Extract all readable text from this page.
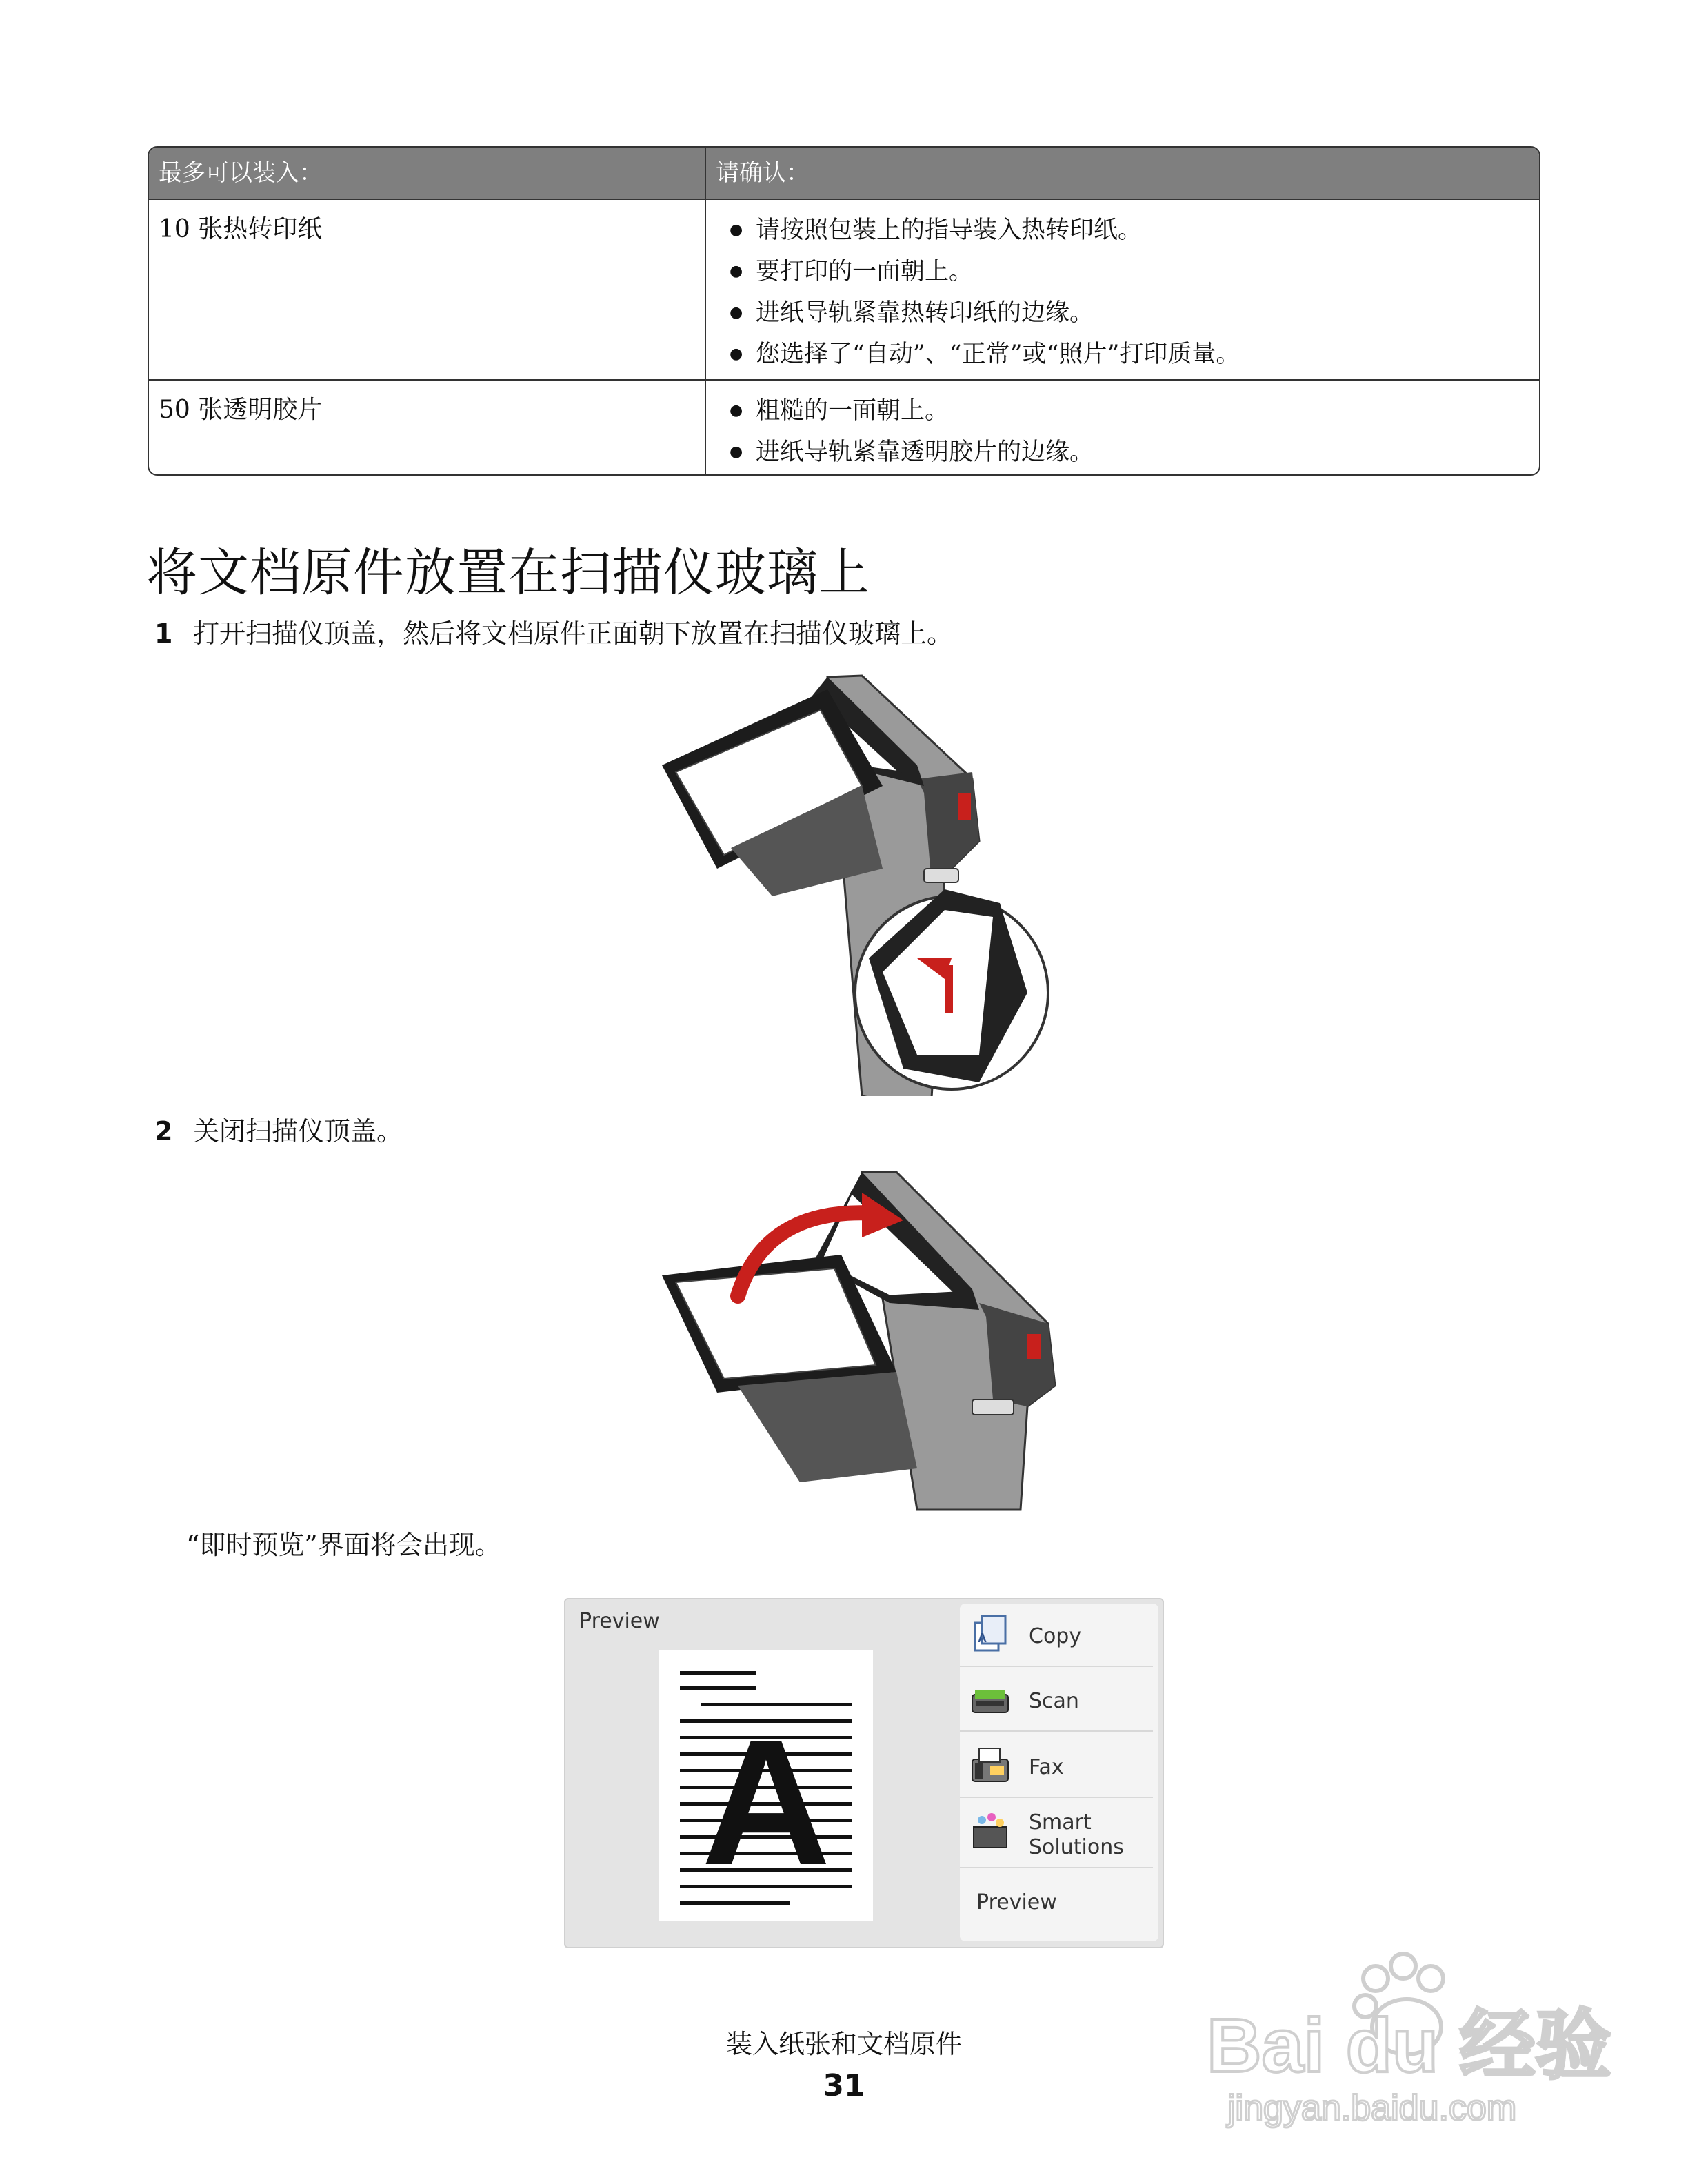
最多可以装入：	请确认：
10 张热转印纸	● 请按照包装上的指导装入热转印纸。
● 要打印的一面朝上。
● 进纸导轨紧靠热转印纸的边缘。
● 您选择了“自动”、“正常”或“照片”打印质量。
50 张透明胶片	● 粗糙的一面朝上。
● 进纸导轨紧靠透明胶片的边缘。
将文档原件放置在扫描仪玻璃上
1 打开扫描仪顶盖，然后将文档原件正面朝下放置在扫描仪玻璃上。
2 关闭扫描仪顶盖。
“即时预览”界面将会出现。
Preview
A
A Copy
Scan
Fax
Smart Solutions
Preview
装入纸张和文档原件
31	Bai du 经验
jingyan.baidu.com
